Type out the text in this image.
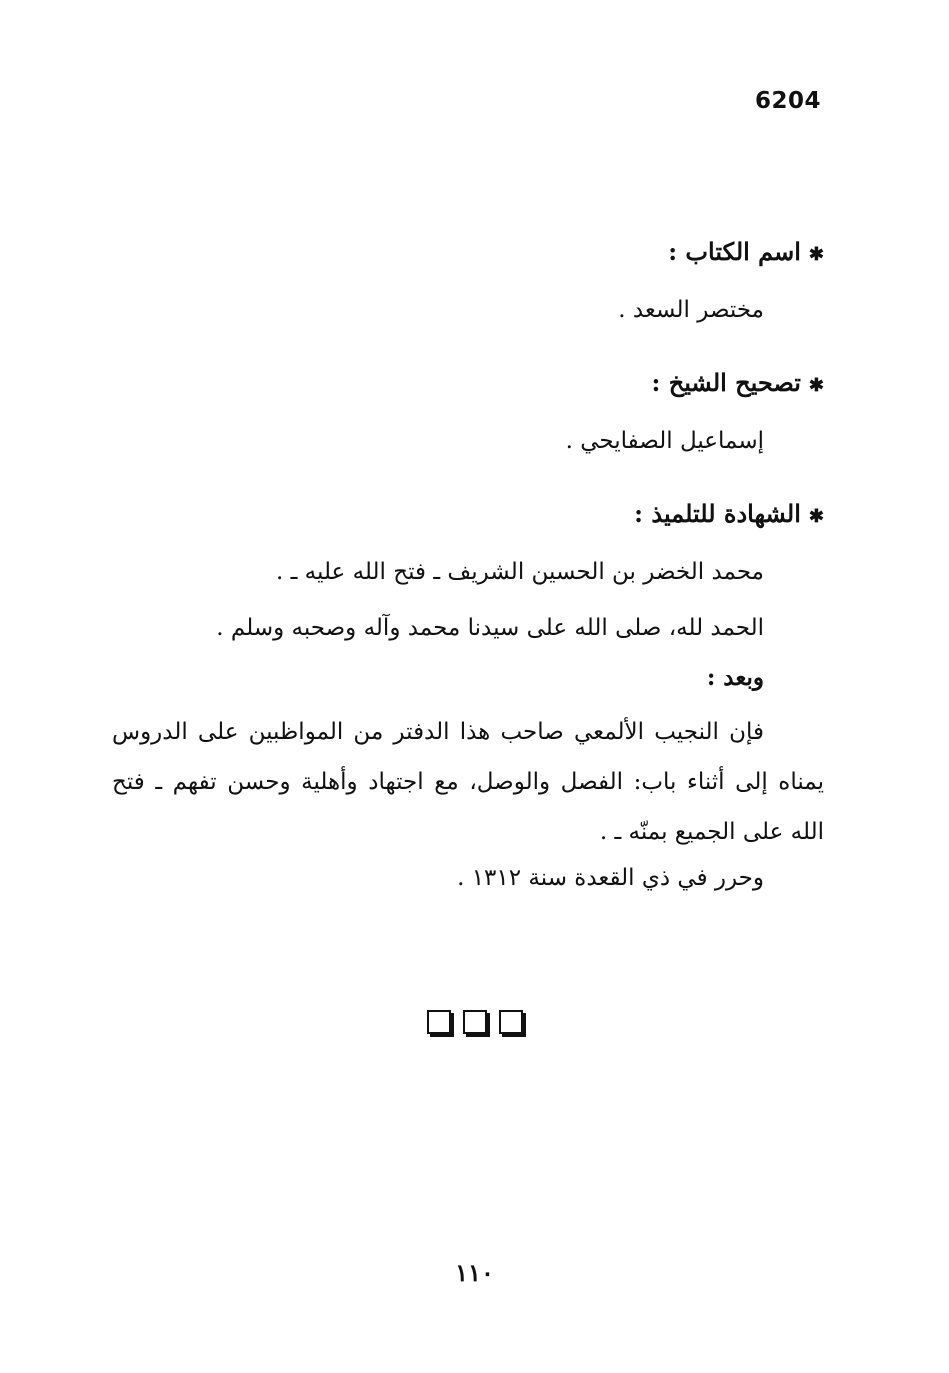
6204

✱اسم الكتاب :

مختصر السعد .

✱تصحيح الشيخ :

إسماعيل الصفايحي .

✱الشهادة للتلميذ :

محمد الخضر بن الحسين الشريف ـ فتح الله عليه ـ .

الحمد لله، صلى الله على سيدنا محمد وآله وصحبه وسلم .

وبعد :

فإن النجيب الألمعي صاحب هذا الدفتر من المواظبين على الدروس يمناه إلى أثناء باب: الفصل والوصل، مع اجتهاد وأهلية وحسن تفهم ـ فتح الله على الجميع بمنّه ـ .

وحرر في ذي القعدة سنة ١٣١٢ .

١١٠
